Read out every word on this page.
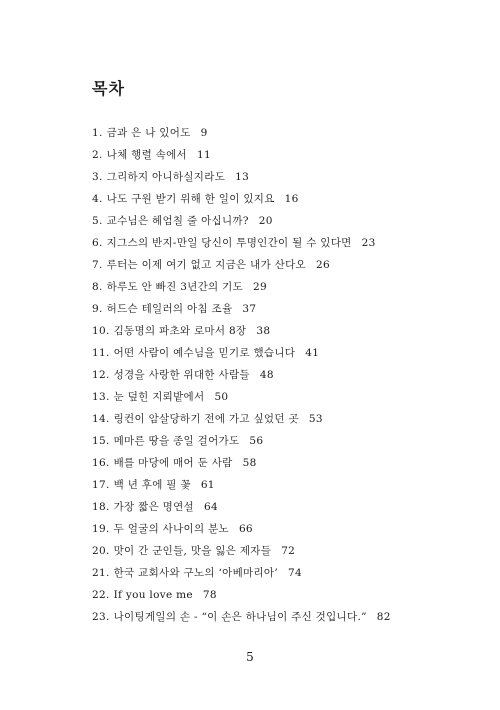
목차
1. 금과 은 나 있어도 9
2. 나체 행렬 속에서 11
3. 그리하지 아니하실지라도 13
4. 나도 구원 받기 위해 한 일이 있지요 16
5. 교수님은 헤엄칠 줄 아십니까? 20
6. 지그스의 반지-만일 당신이 투명인간이 될 수 있다면 23
7. 루터는 이제 여기 없고 지금은 내가 산다오 26
8. 하루도 안 빠진 3년간의 기도 29
9. 허드슨 테일러의 아침 조율 37
10. 김동명의 파초와 로마서 8장 38
11. 어떤 사람이 예수님을 믿기로 했습니다 41
12. 성경을 사랑한 위대한 사람들 48
13. 눈 덮힌 지뢰밭에서 50
14. 링컨이 암살당하기 전에 가고 싶었던 곳 53
15. 메마른 땅을 종일 걸어가도 56
16. 배를 마당에 매어 둔 사람 58
17. 백 년 후에 필 꽃 61
18. 가장 짧은 명연설 64
19. 두 얼굴의 사나이의 분노 66
20. 맛이 간 군인들, 맛을 잃은 제자들 72
21. 한국 교회사와 구노의 ‘아베마리아’ 74
22. If you love me 78
23. 나이팅게일의 손 - “이 손은 하나님이 주신 것입니다.” 82
5
